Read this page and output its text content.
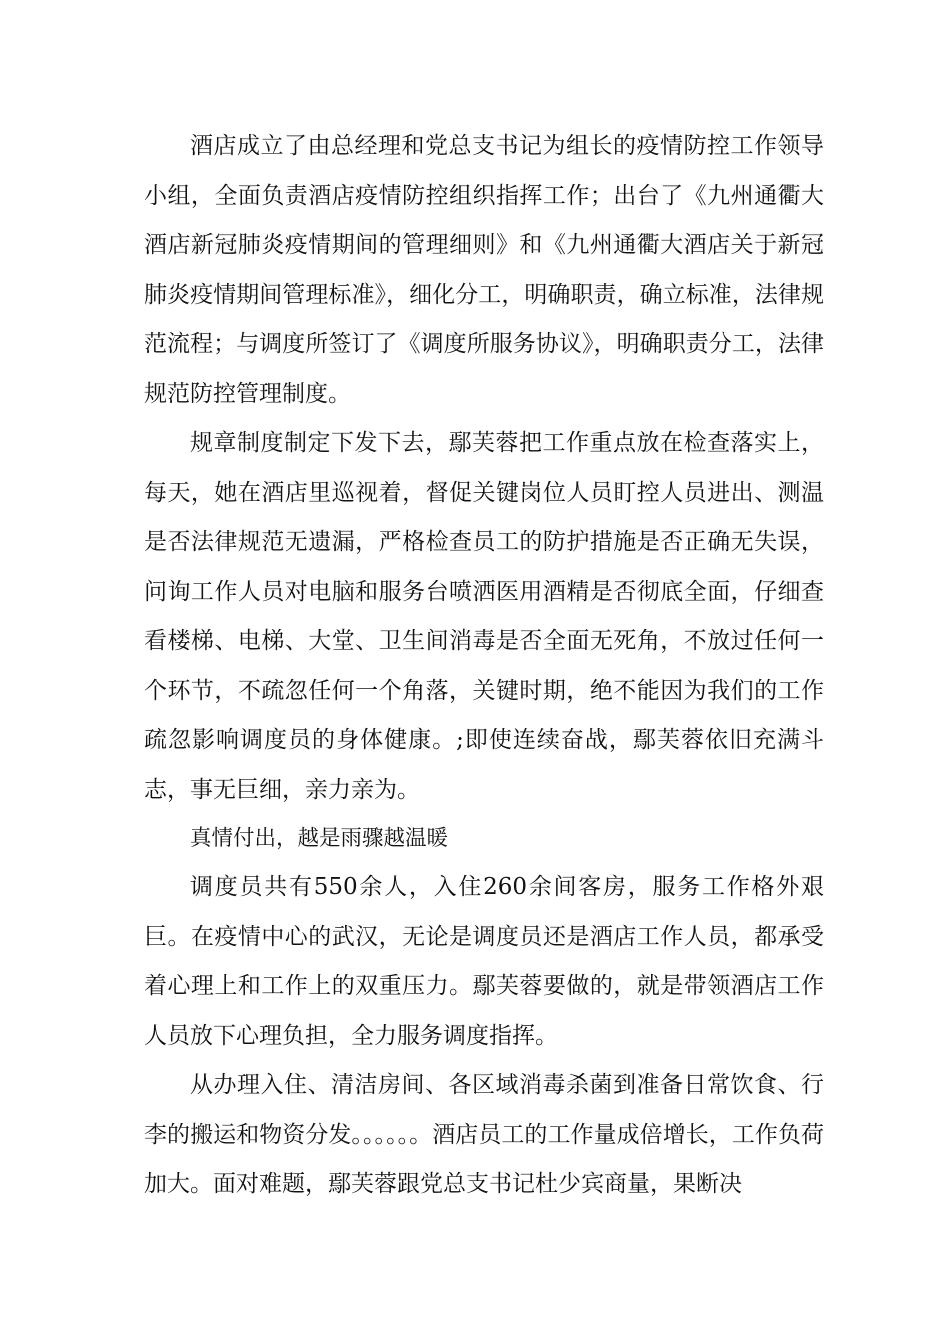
酒店成立了由总经理和党总支书记为组长的疫情防控工作领导小组，全面负责酒店疫情防控组织指挥工作；出台了《九州通衢大酒店新冠肺炎疫情期间的管理细则》和《九州通衢大酒店关于新冠肺炎疫情期间管理标准》，细化分工，明确职责，确立标准，法律规范流程；与调度所签订了《调度所服务协议》，明确职责分工，法律规范防控管理制度。

规章制度制定下发下去，鄢芙蓉把工作重点放在检查落实上，每天，她在酒店里巡视着，督促关键岗位人员盯控人员进出、测温是否法律规范无遗漏，严格检查员工的防护措施是否正确无失误，问询工作人员对电脑和服务台喷洒医用酒精是否彻底全面，仔细查看楼梯、电梯、大堂、卫生间消毒是否全面无死角，不放过任何一个环节，不疏忽任何一个角落，关键时期，绝不能因为我们的工作疏忽影响调度员的身体健康。;即使连续奋战，鄢芙蓉依旧充满斗志，事无巨细，亲力亲为。

真情付出，越是雨骤越温暖

调度员共有550余人，入住260余间客房，服务工作格外艰巨。在疫情中心的武汉，无论是调度员还是酒店工作人员，都承受着心理上和工作上的双重压力。鄢芙蓉要做的，就是带领酒店工作人员放下心理负担，全力服务调度指挥。

从办理入住、清洁房间、各区域消毒杀菌到准备日常饮食、行李的搬运和物资分发。。。。。。酒店员工的工作量成倍增长，工作负荷加大。面对难题，鄢芙蓉跟党总支书记杜少宾商量，果断决
